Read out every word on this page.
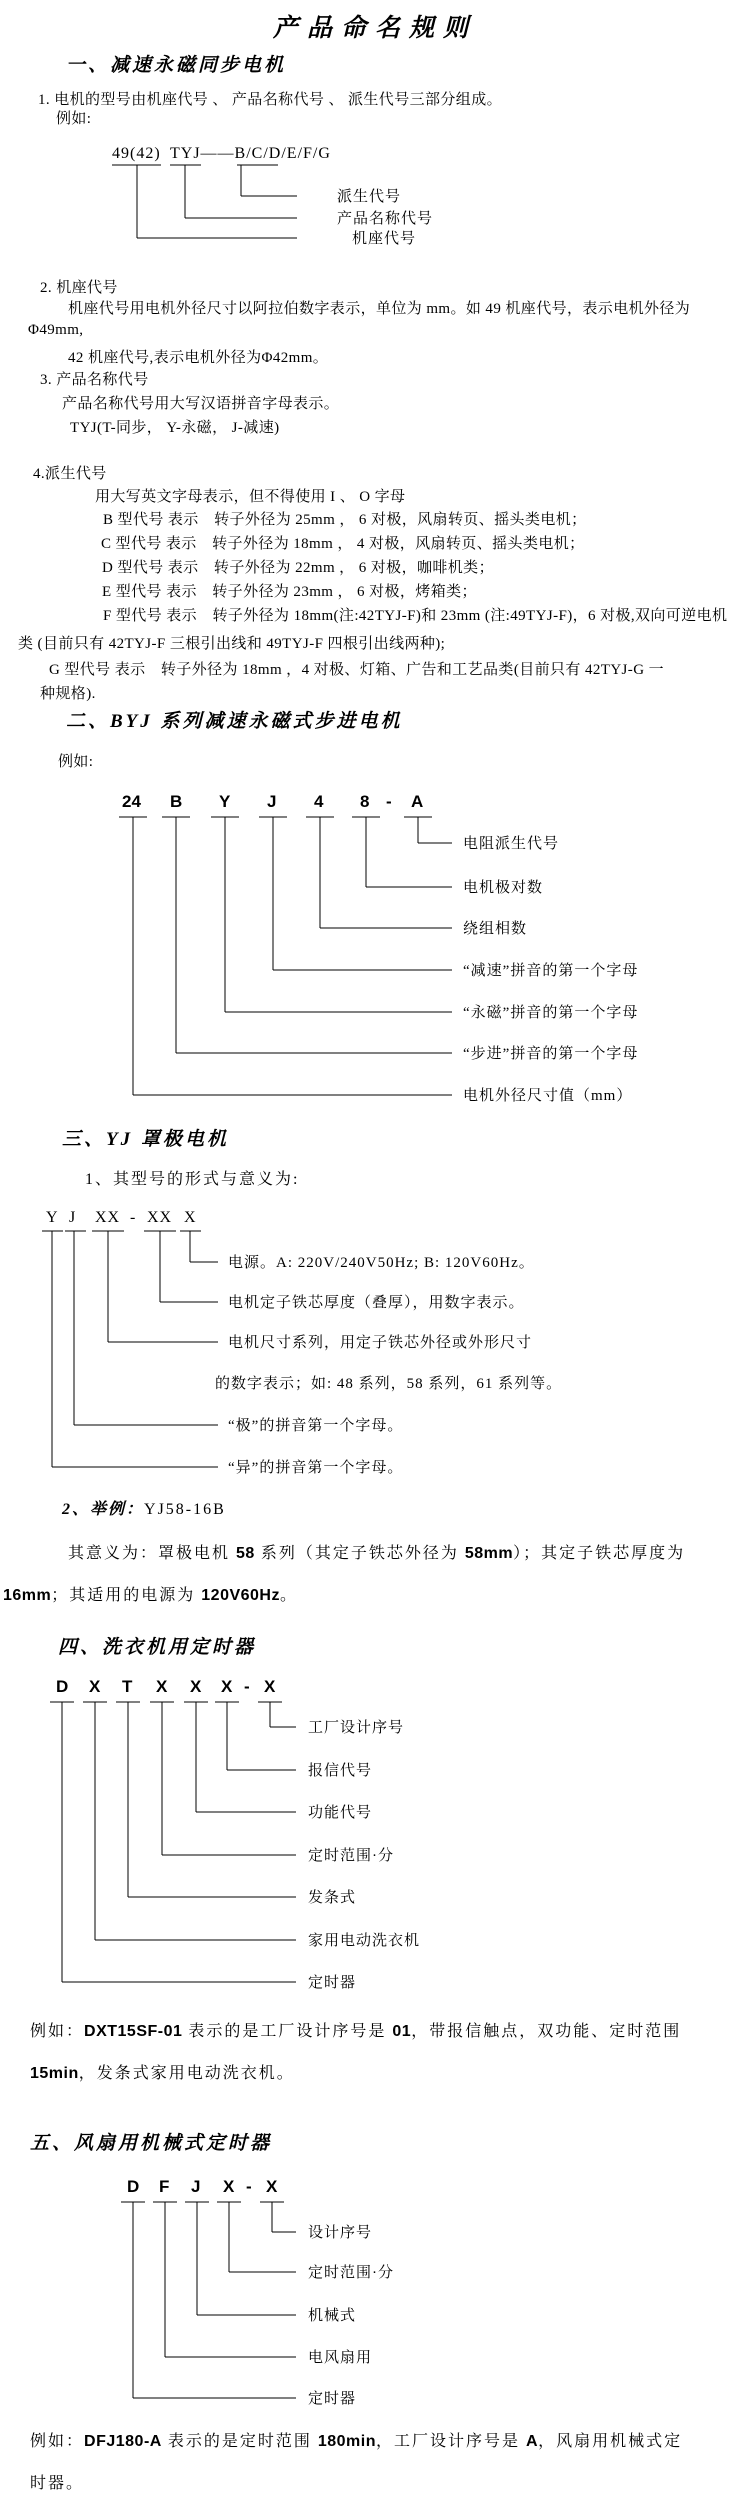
产品命名规则
一、减速永磁同步电机
1. 电机的型号由机座代号 、 产品名称代号 、 派生代号三部分组成。
例如:
49(42) TYJ——B/C/D/E/F/G
派生代号
产品名称代号
机座代号
2. 机座代号
机座代号用电机外径尺寸以阿拉伯数字表示，单位为 mm。如 49 机座代号，表示电机外径为
Φ49mm,
42 机座代号,表示电机外径为Φ42mm。
3. 产品名称代号
产品名称代号用大写汉语拼音字母表示。
TYJ(T-同步， Y-永磁， J-减速)
4.派生代号
用大写英文字母表示，但不得使用 I 、 O 字母
B 型代号 表示　转子外径为 25mm ， 6 对极，风扇转页、摇头类电机；
C 型代号 表示　转子外径为 18mm ， 4 对极，风扇转页、摇头类电机；
D 型代号 表示　转子外径为 22mm ， 6 对极，咖啡机类；
E 型代号 表示　转子外径为 23mm ， 6 对极，烤箱类；
F 型代号 表示　转子外径为 18mm(注:42TYJ-F)和 23mm (注:49TYJ-F)，6 对极,双向可逆电机
类 (目前只有 42TYJ-F 三根引出线和 49TYJ-F 四根引出线两种);
G 型代号 表示　转子外径为 18mm ，4 对极、灯箱、广告和工艺品类(目前只有 42TYJ-G 一
种规格).
二、BYJ 系列减速永磁式步进电机
例如:
24 B Y J 4 8 - A
电阻派生代号
电机极对数
绕组相数
“减速”拼音的第一个字母
“永磁”拼音的第一个字母
“步进”拼音的第一个字母
电机外径尺寸值（mm）
三、YJ 罩极电机
1、其型号的形式与意义为:
Y J XX - XX X
电源。A: 220V/240V50Hz; B: 120V60Hz。
电机定子铁芯厚度（叠厚），用数字表示。
电机尺寸系列，用定子铁芯外径或外形尺寸
“极”的拼音第一个字母。
“异”的拼音第一个字母。
的数字表示；如: 48 系列，58 系列，61 系列等。
2、举例：YJ58-16B
其意义为：罩极电机 58 系列（其定子铁芯外径为 58mm）；其定子铁芯厚度为
16mm；其适用的电源为 120V60Hz。
四、洗衣机用定时器
D X T X X X - X
工厂设计序号
报信代号
功能代号
定时范围·分
发条式
家用电动洗衣机
定时器
例如：DXT15SF-01 表示的是工厂设计序号是 01，带报信触点，双功能、定时范围
15min，发条式家用电动洗衣机。
五、风扇用机械式定时器
D F J X - X
设计序号
定时范围·分
机械式
电风扇用
定时器
例如：DFJ180-A 表示的是定时范围 180min，工厂设计序号是 A，风扇用机械式定
时器。
